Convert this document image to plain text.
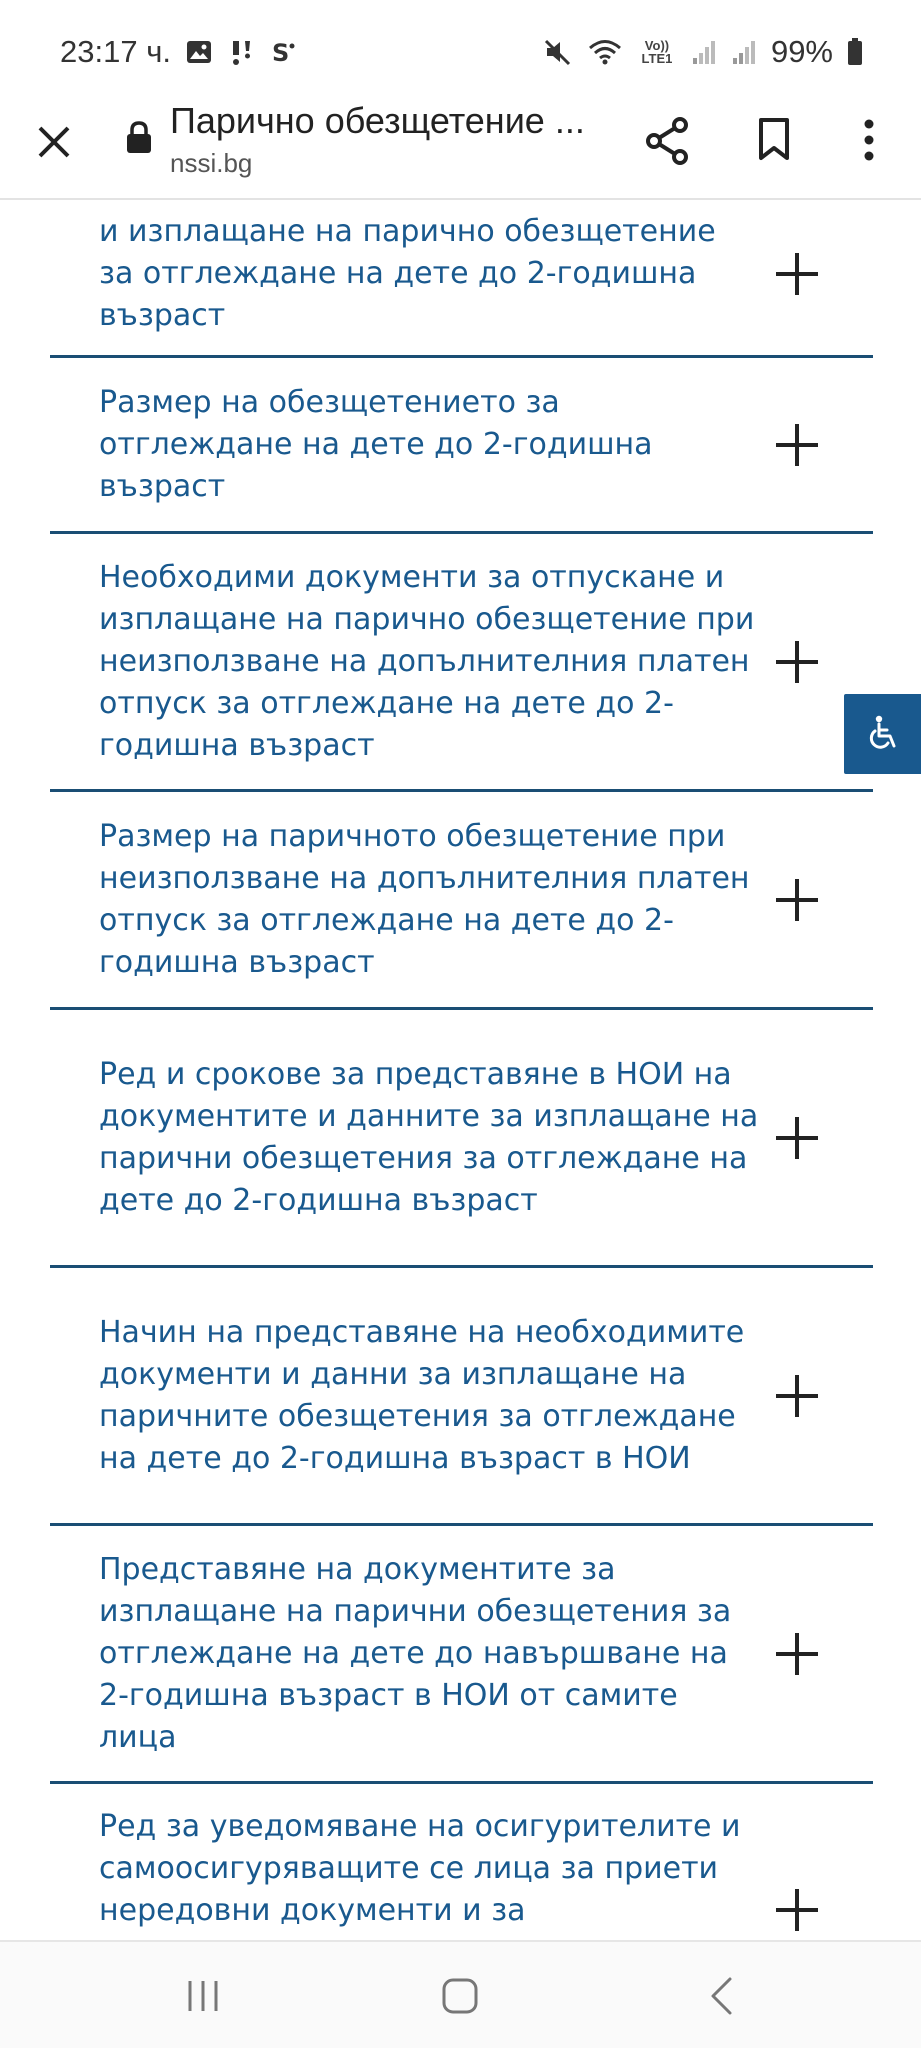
23:17 ч.	S	Vo)) LTE1	99%
Парично обезщетение ...
nssi.bg
и изплащане на парично обезщетение за отглеждане на дете до 2-годишна възраст
Размер на обезщетението за отглеждане на дете до 2-годишна възраст
Необходими документи за отпускане и изплащане на парично обезщетение при неизползване на допълнителния платен отпуск за отглеждане на дете до 2-годишна възраст
Размер на паричното обезщетение при неизползване на допълнителния платен отпуск за отглеждане на дете до 2-годишна възраст
Ред и срокове за представяне в НОИ на документите и данните за изплащане на парични обезщетения за отглеждане на дете до 2-годишна възраст
Начин на представяне на необходимите документи и данни за изплащане на паричните обезщетения за отглеждане на дете до 2-годишна възраст в НОИ
Представяне на документите за изплащане на парични обезщетения за отглеждане на дете до навършване на 2-годишна възраст в НОИ от самите лица
Ред за уведомяване на осигурителите и самоосигуряващите се лица за приети нередовни документи и за
